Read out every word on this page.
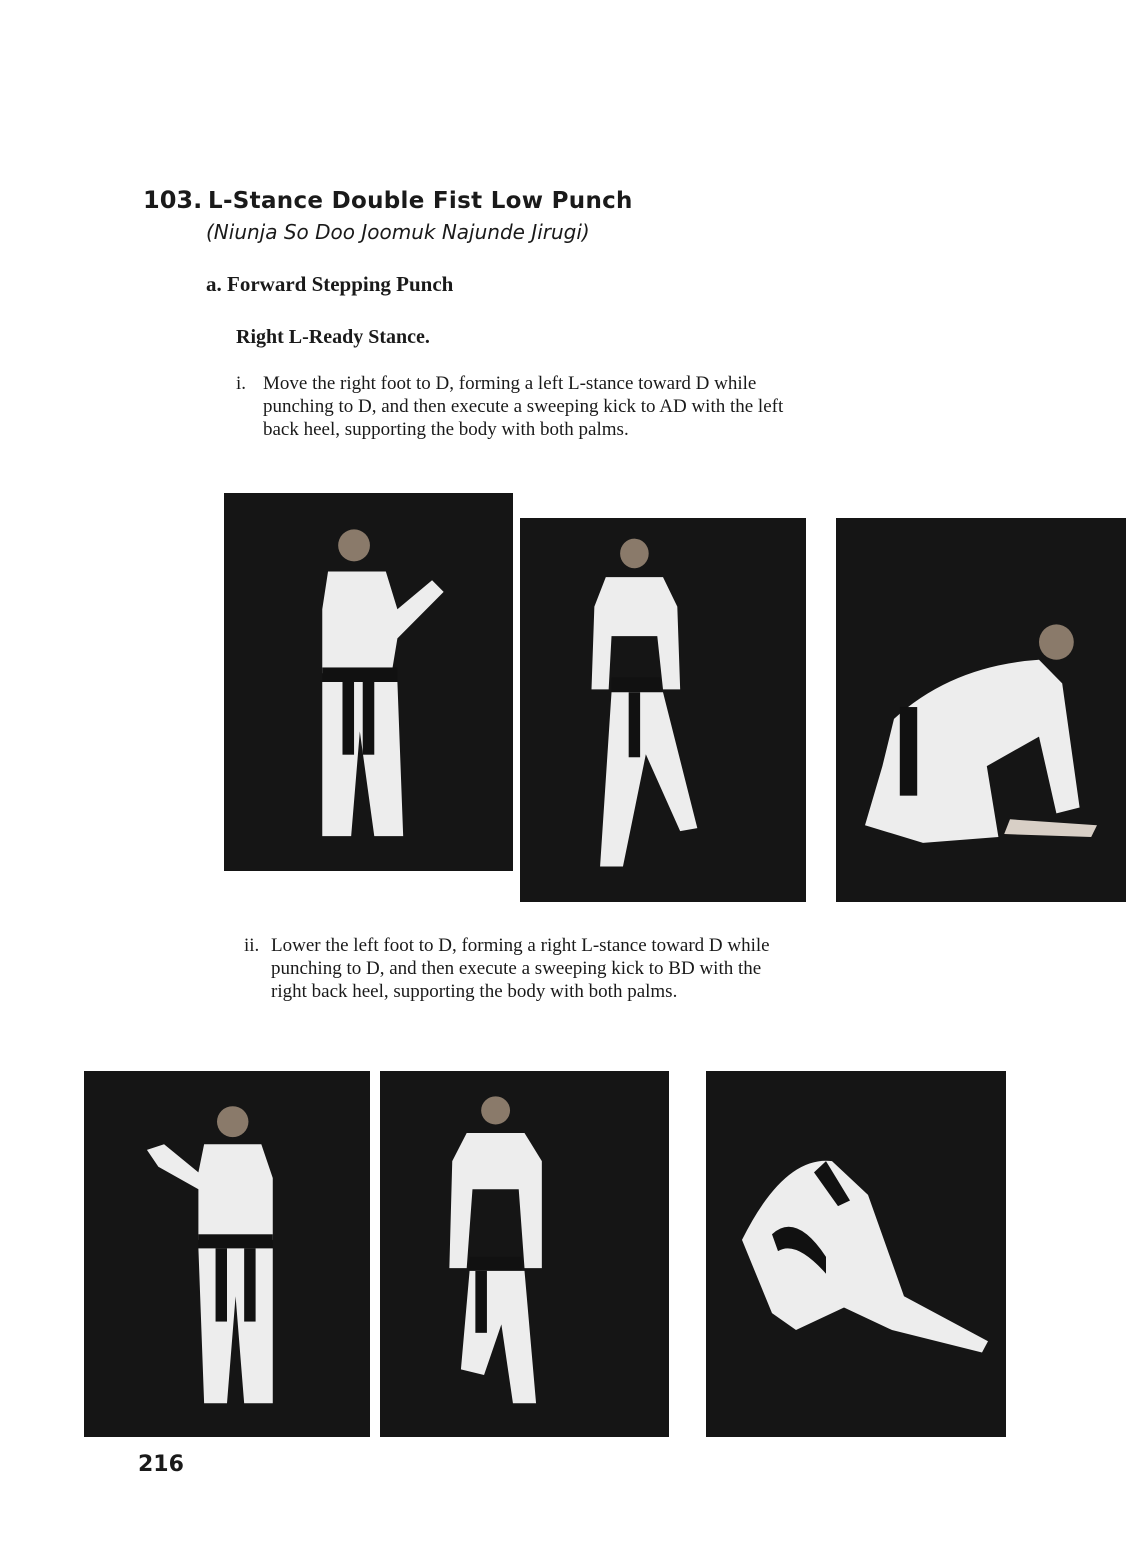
103. L-Stance Double Fist Low Punch
(Niunja So Doo Joomuk Najunde Jirugi)
a. Forward Stepping Punch
Right L-Ready Stance.
i. Move the right foot to D, forming a left L-stance toward D while
punching to D, and then execute a sweeping kick to AD with the left
back heel, supporting the body with both palms.
ii. Lower the left foot to D, forming a right L-stance toward D while
punching to D, and then execute a sweeping kick to BD with the
right back heel, supporting the body with both palms.
216
